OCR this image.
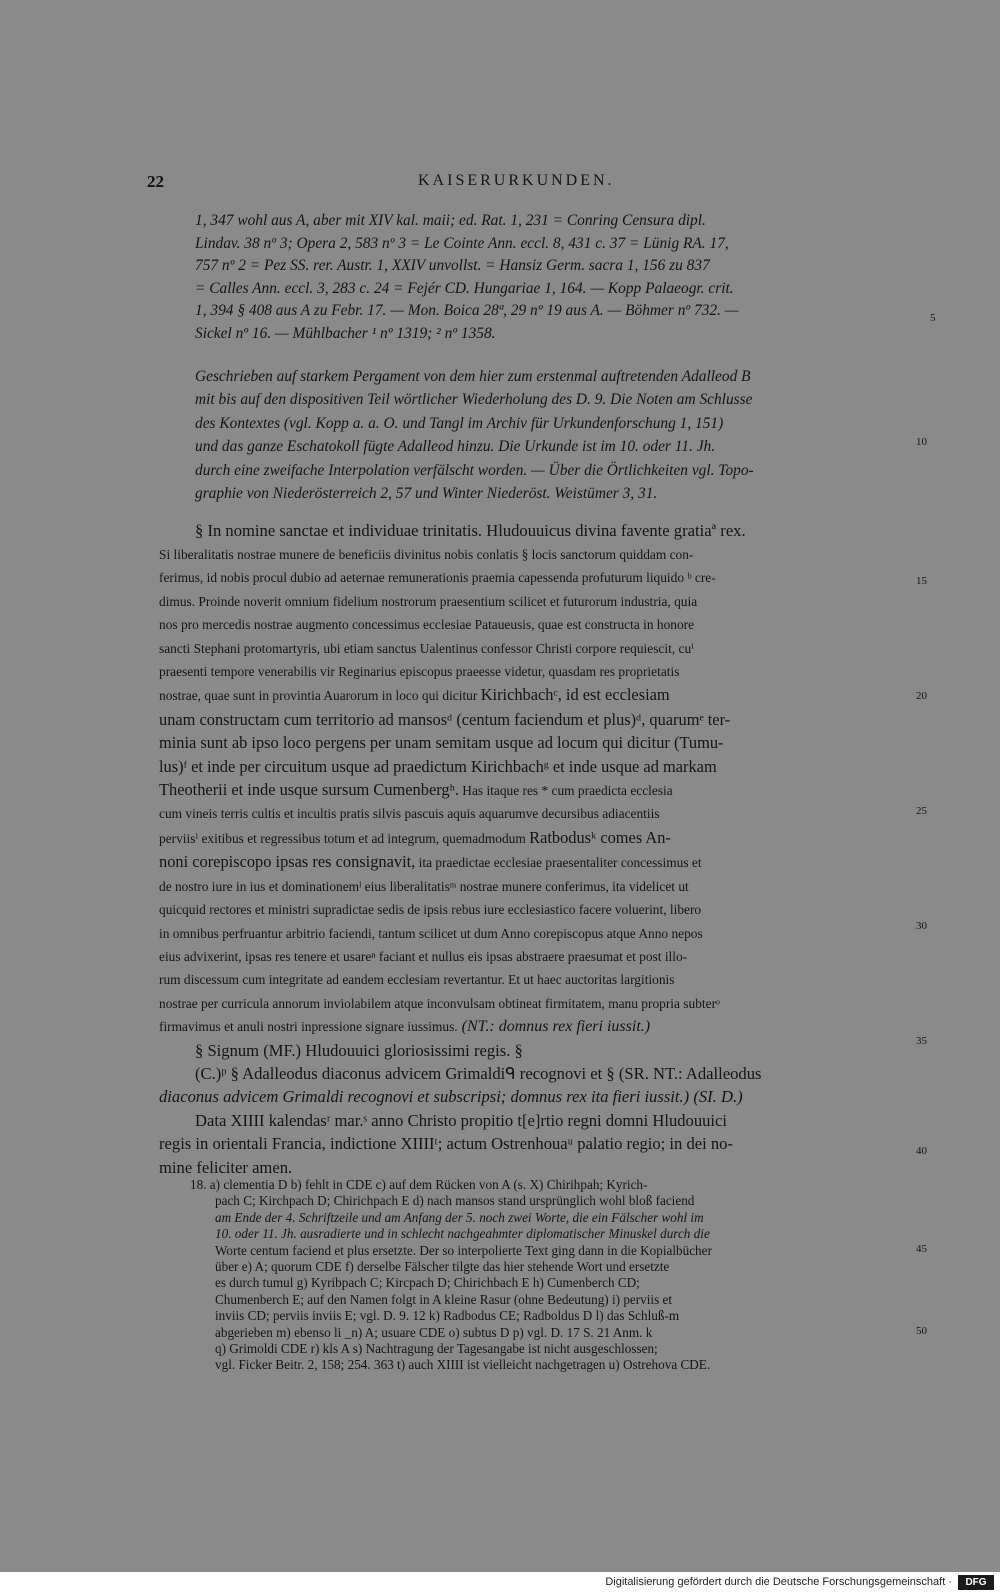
22	KAISERURKUNDEN.

1, 347 wohl aus A, aber mit XIV kal. maii; ed. Rat. 1, 231 = Conring Censura dipl.

Lindav. 38 nº 3; Opera 2, 583 nº 3 = Le Cointe Ann. eccl. 8, 431 c. 37 = Lünig RA. 17,

757 nº 2 = Pez SS. rer. Austr. 1, XXIV unvollst. = Hansiz Germ. sacra 1, 156 zu 837

= Calles Ann. eccl. 3, 283 c. 24 = Fejér CD. Hungariae 1, 164. — Kopp Palaeogr. crit.

1, 394 § 408 aus A zu Febr. 17. — Mon. Boica 28ª, 29 nº 19 aus A. — Böhmer nº 732. —

Sickel nº 16. — Mühlbacher ¹ nº 1319; ² nº 1358.

Geschrieben auf starkem Pergament von dem hier zum erstenmal auftretenden Adalleod B

mit bis auf den dispositiven Teil wörtlicher Wiederholung des D. 9. Die Noten am Schlusse

des Kontextes (vgl. Kopp a. a. O. und Tangl im Archiv für Urkundenforschung 1, 151)

und das ganze Eschatokoll fügte Adalleod hinzu. Die Urkunde ist im 10. oder 11. Jh.

durch eine zweifache Interpolation verfälscht worden. — Über die Örtlichkeiten vgl. Topo-

graphie von Niederösterreich 2, 57 und Winter Niederöst. Weistümer 3, 31.

§ In nomine sanctae et individuae trinitatis. Hludouuicus divina favente gratiaª rex.

Si liberalitatis nostrae munere de beneficiis divinitus nobis conlatis § locis sanctorum quiddam con-

ferimus, id nobis procul dubio ad aeternae remunerationis praemia capessenda profuturum liquido ᵇ cre-

dimus. Proinde noverit omnium fidelium nostrorum praesentium scilicet et futurorum industria, quia

nos pro mercedis nostrae augmento concessimus ecclesiae Pataueusis, quae est constructa in honore

sancti Stephani protomartyris, ubi etiam sanctus Ualentinus confessor Christi corpore requiescit, cuⁱ

praesenti tempore venerabilis vir Reginarius episcopus praeesse videtur, quasdam res proprietatis

nostrae, quae sunt in provintia Auarorum in loco qui dicitur Kirichbachᶜ, id est ecclesiam

unam constructam cum territorio ad mansosᵈ (centum faciendum et plus)ᵈ, quarumᵉ ter-

minia sunt ab ipso loco pergens per unam semitam usque ad locum qui dicitur (Tumu-

lus)ᶠ et inde per circuitum usque ad praedictum Kirichbachᵍ et inde usque ad markam

Theotherii et inde usque sursum Cumenbergʰ. Has itaque res * cum praedicta ecclesia

cum vineis terris cultis et incultis pratis silvis pascuis aquis aquarumve decursibus adiacentiis

perviisⁱ exitibus et regressibus totum et ad integrum, quemadmodum Ratbodusᵏ comes An-

noni corepiscopo ipsas res consignavit, ita praedictae ecclesiae praesentaliter concessimus et

de nostro iure in ius et dominationemˡ eius liberalitatisᵐ nostrae munere conferimus, ita videlicet ut

quicquid rectores et ministri supradictae sedis de ipsis rebus iure ecclesiastico facere voluerint, libero

in omnibus perfruantur arbitrio faciendi, tantum scilicet ut dum Anno corepiscopus atque Anno nepos

eius advixerint, ipsas res tenere et usareⁿ faciant et nullus eis ipsas abstraere praesumat et post illo-

rum discessum cum integritate ad eandem ecclesiam revertantur. Et ut haec auctoritas largitionis

nostrae per curricula annorum inviolabilem atque inconvulsam obtineat firmitatem, manu propria subterᵒ

firmavimus et anuli nostri inpressione signare iussimus. (NT.: domnus rex fieri iussit.)

§ Signum (MF.) Hludouuici gloriosissimi regis. §

(C.)ᵖ § Adalleodus diaconus advicem Grimaldiᑫ recognovi et § (SR. NT.: Adalleodus

diaconus advicem Grimaldi recognovi et subscripsi; domnus rex ita fieri iussit.) (SI. D.)

Data XIIII kalendasʳ mar.ˢ anno Christo propitio t[e]rtio regni domni Hludouuici

regis in orientali Francia, indictione XIIIIᵗ; actum Ostrenhouaᵘ palatio regio; in dei no-

mine feliciter amen.

18. a) clementia D b) fehlt in CDE c) auf dem Rücken von A (s. X) Chirihpah; Kyrich-

pach C; Kirchpach D; Chirichpach E d) nach mansos stand ursprünglich wohl bloß faciend

am Ende der 4. Schriftzeile und am Anfang der 5. noch zwei Worte, die ein Fälscher wohl im

10. oder 11. Jh. ausradierte und in schlecht nachgeahmter diplomatischer Minuskel durch die

Worte centum faciend et plus ersetzte. Der so interpolierte Text ging dann in die Kopialbücher

über e) A; quorum CDE f) derselbe Fälscher tilgte das hier stehende Wort und ersetzte

es durch tumul g) Kyribpach C; Kircpach D; Chirichbach E h) Cumenberch CD;

Chumenberch E; auf den Namen folgt in A kleine Rasur (ohne Bedeutung) i) perviis et

inviis CD; perviis inviis E; vgl. D. 9. 12 k) Radbodus CE; Radboldus D l) das Schluß-m

abgerieben m) ebenso li _n) A; usuare CDE o) subtus D p) vgl. D. 17 S. 21 Anm. k

q) Grimoldi CDE r) kls A s) Nachtragung der Tagesangabe ist nicht ausgeschlossen;

vgl. Ficker Beitr. 2, 158; 254. 363 t) auch XIIII ist vielleicht nachgetragen u) Ostrehova CDE.

5
10
15
20
25
30
35
40
45
50
Digitalisierung gefördert durch die Deutsche Forschungsgemeinschaft ·	DFG
